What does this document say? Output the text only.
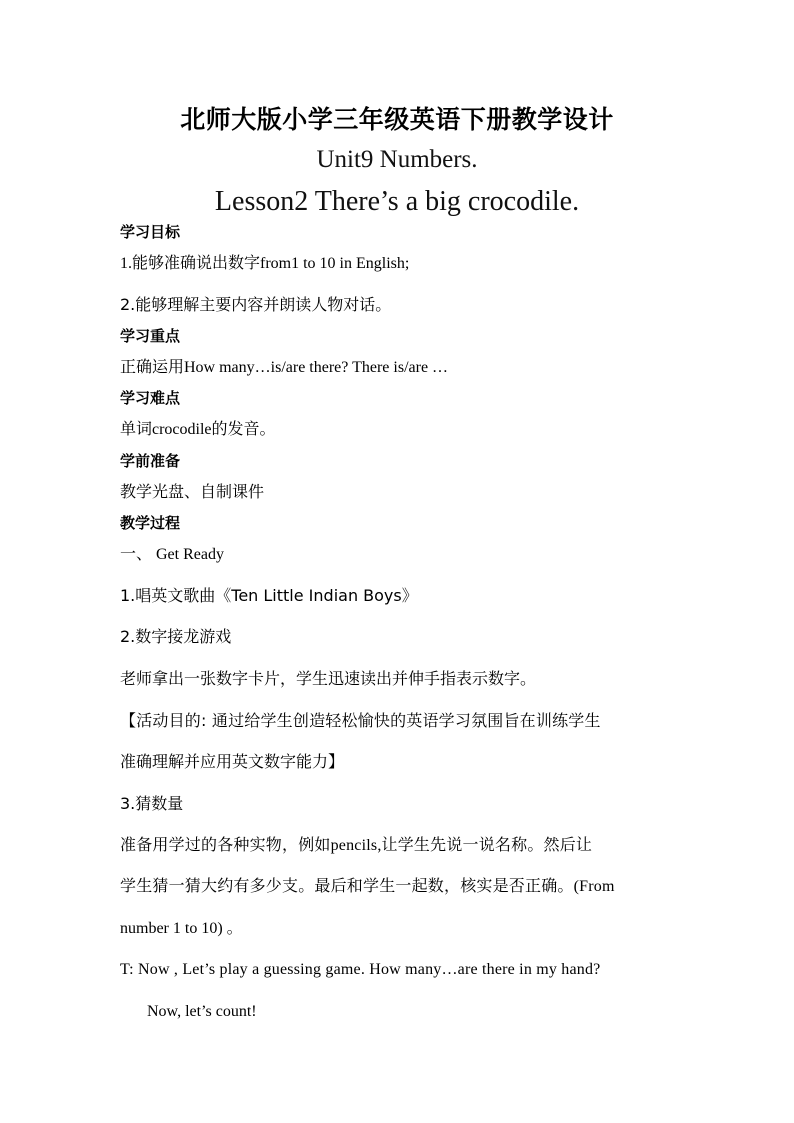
北师大版小学三年级英语下册教学设计
Unit9 Numbers.
Lesson2 There’s a big crocodile.
学习目标
1.能够准确说出数字from1 to 10 in English;
2.能够理解主要内容并朗读人物对话。
学习重点
正确运用How many…is/are there? There is/are …
学习难点
单词crocodile的发音。
学前准备
教学光盘、自制课件
教学过程
一、 Get Ready
1.唱英文歌曲《Ten Little Indian Boys》
2.数字接龙游戏
老师拿出一张数字卡片，学生迅速读出并伸手指表示数字。
【活动目的: 通过给学生创造轻松愉快的英语学习氛围旨在训练学生
准确理解并应用英文数字能力】
3.猜数量
准备用学过的各种实物，例如pencils,让学生先说一说名称。然后让
学生猜一猜大约有多少支。最后和学生一起数，核实是否正确。(From
number 1 to 10) 。
T: Now , Let’s play a guessing game. How many…are there in my hand?
Now, let’s count!
